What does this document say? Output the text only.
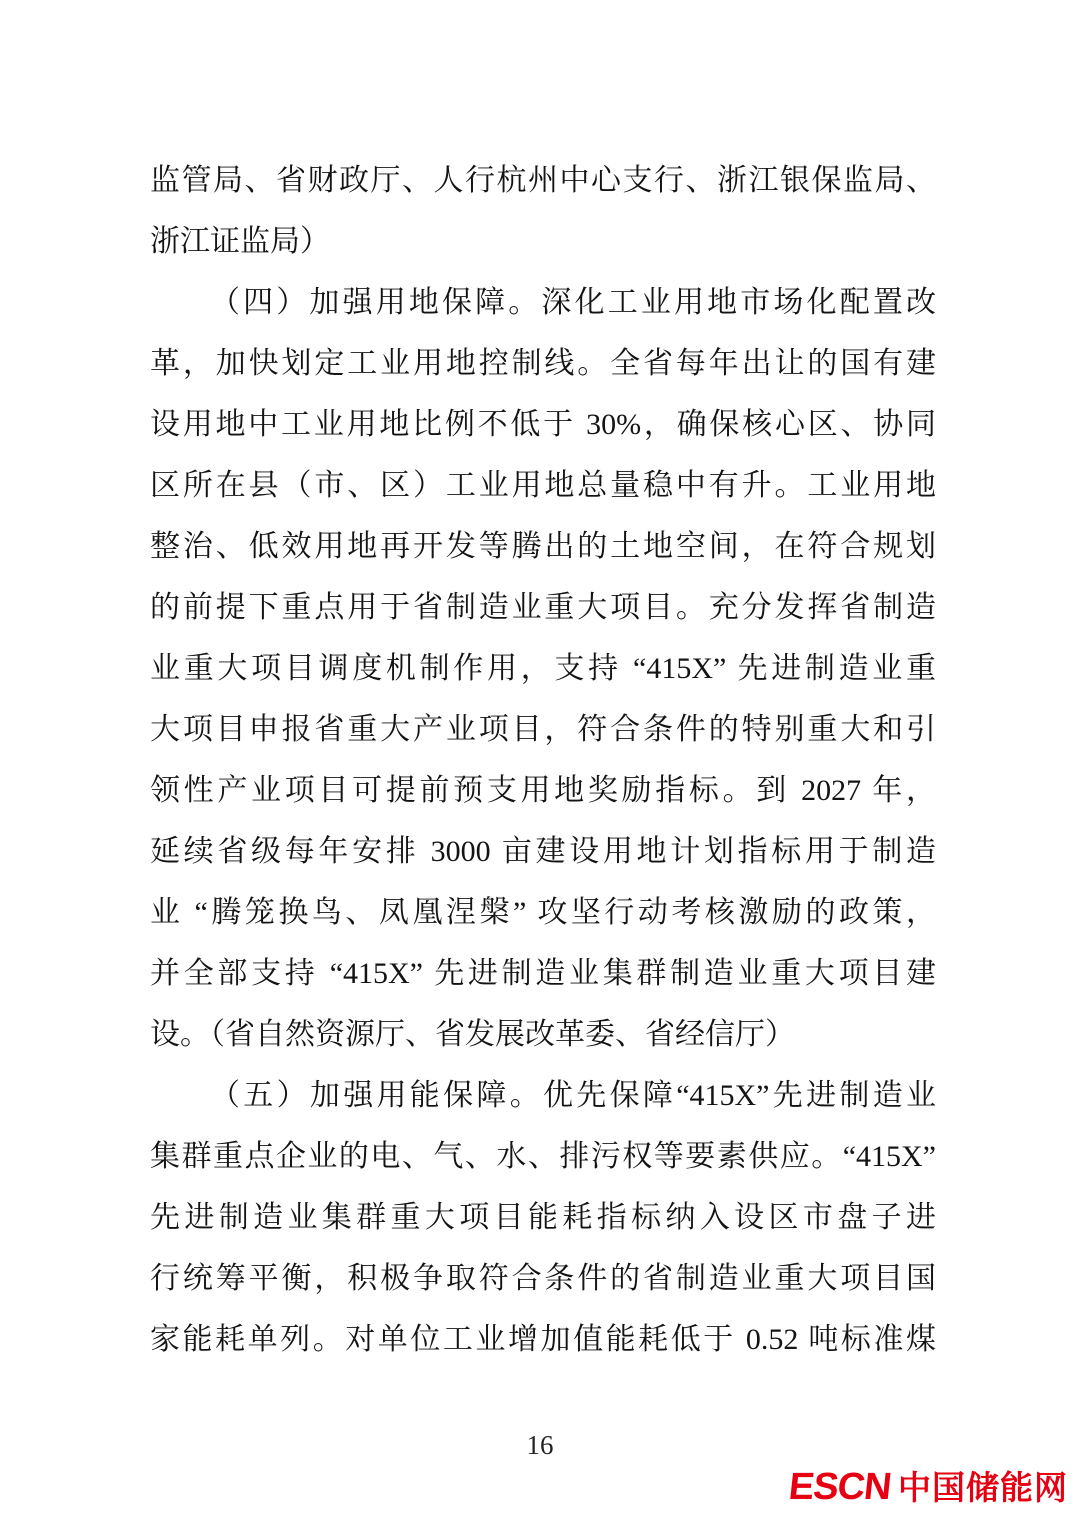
监管局、省财政厅、人行杭州中心支行、浙江银保监局、
浙江证监局）
（四）加强用地保障。深化工业用地市场化配置改
革，加快划定工业用地控制线。全省每年出让的国有建
设用地中工业用地比例不低于 30%，确保核心区、协同
区所在县（市、区）工业用地总量稳中有升。工业用地
整治、低效用地再开发等腾出的土地空间，在符合规划
的前提下重点用于省制造业重大项目。充分发挥省制造
业重大项目调度机制作用，支持 “415X” 先进制造业重
大项目申报省重大产业项目，符合条件的特别重大和引
领性产业项目可提前预支用地奖励指标。到 2027 年，
延续省级每年安排 3000 亩建设用地计划指标用于制造
业 “腾笼换鸟、凤凰涅槃” 攻坚行动考核激励的政策，
并全部支持 “415X” 先进制造业集群制造业重大项目建
设。（省自然资源厅、省发展改革委、省经信厅）
（五）加强用能保障。优先保障“415X”先进制造业
集群重点企业的电、气、水、排污权等要素供应。“415X”
先进制造业集群重大项目能耗指标纳入设区市盘子进
行统筹平衡，积极争取符合条件的省制造业重大项目国
家能耗单列。对单位工业增加值能耗低于 0.52 吨标准煤
16
ESCN 中国储能网
